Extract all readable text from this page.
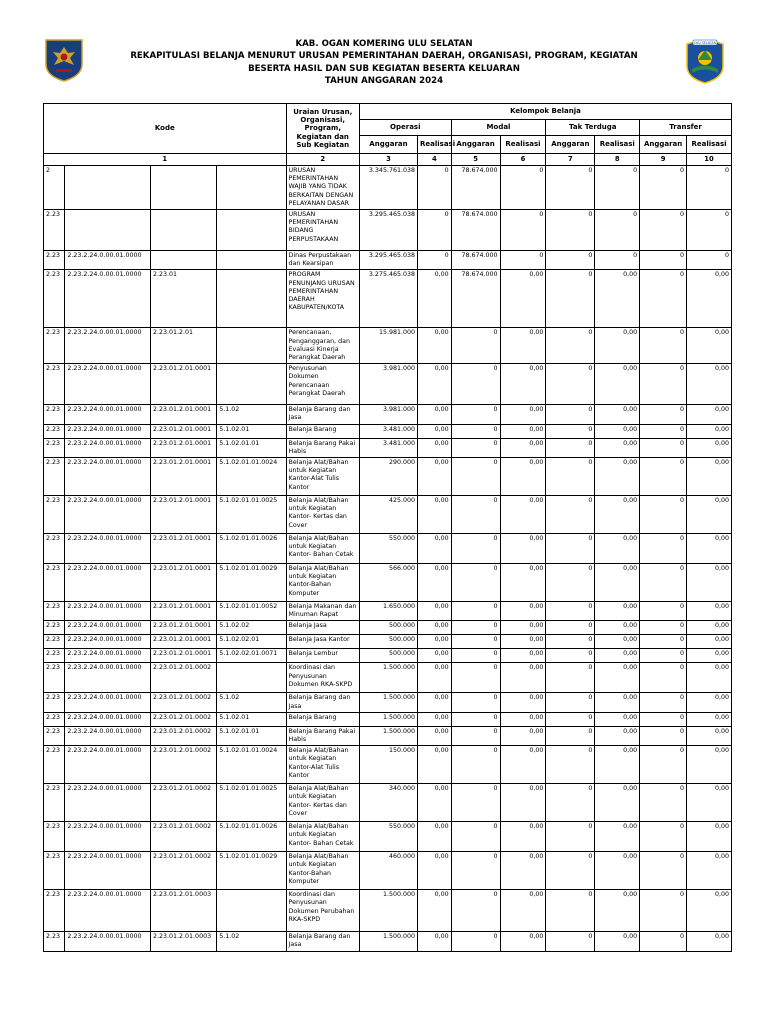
KAB. OGAN KOMERING ULU SELATAN
REKAPITULASI BELANJA MENURUT URUSAN PEMERINTAHAN DAERAH, ORGANISASI, PROGRAM, KEGIATAN
BESERTA HASIL DAN SUB KEGIATAN BESERTA KELUARAN
TAHUN ANGGARAN 2024
OKU SELATAN
Kode				Uraian Urusan, Organisasi, Program, Kegiatan dan Sub Kegiatan	Kelompok Belanja							
					Operasi		Modal		Tak Terduga		Transfer	
					Anggaran	Realisasi	Anggaran	Realisasi	Anggaran	Realisasi	Anggaran	Realisasi
1				2	3	4	5	6	7	8	9	10
2				URUSAN PEMERINTAHAN WAJIB YANG TIDAK BERKAITAN DENGAN PELAYANAN DASAR	3.345.761.038	0	78.674.000	0	0	0	0	0
2.23				URUSAN PEMERINTAHAN BIDANG PERPUSTAKAAN	3.295.465.038	0	78.674.000	0	0	0	0	0
2.23	2.23.2.24.0.00.01.0000			Dinas Perpustakaan dan Kearsipan	3.295.465.038	0	78.674.000	0	0	0	0	0
2.23	2.23.2.24.0.00.01.0000	2.23.01		PROGRAM PENUNJANG URUSAN PEMERINTAHAN DAERAH KABUPATEN/KOTA	3.275.465.038	0,00	78.674.000	0,00	0	0,00	0	0,00
2.23	2.23.2.24.0.00.01.0000	2.23.01.2.01		Perencanaan, Penganggaran, dan Evaluasi Kinerja Perangkat Daerah	15.981.000	0,00	0	0,00	0	0,00	0	0,00
2.23	2.23.2.24.0.00.01.0000	2.23.01.2.01.0001		Penyusunan Dokumen Perencanaan Perangkat Daerah	3.981.000	0,00	0	0,00	0	0,00	0	0,00
2.23	2.23.2.24.0.00.01.0000	2.23.01.2.01.0001	5.1.02	Belanja Barang dan Jasa	3.981.000	0,00	0	0,00	0	0,00	0	0,00
2.23	2.23.2.24.0.00.01.0000	2.23.01.2.01.0001	5.1.02.01	Belanja Barang	3.481.000	0,00	0	0,00	0	0,00	0	0,00
2.23	2.23.2.24.0.00.01.0000	2.23.01.2.01.0001	5.1.02.01.01	Belanja Barang Pakai Habis	3.481.000	0,00	0	0,00	0	0,00	0	0,00
2.23	2.23.2.24.0.00.01.0000	2.23.01.2.01.0001	5.1.02.01.01.0024	Belanja Alat/Bahan untuk Kegiatan Kantor-Alat Tulis Kantor	290.000	0,00	0	0,00	0	0,00	0	0,00
2.23	2.23.2.24.0.00.01.0000	2.23.01.2.01.0001	5.1.02.01.01.0025	Belanja Alat/Bahan untuk Kegiatan Kantor- Kertas dan Cover	425.000	0,00	0	0,00	0	0,00	0	0,00
2.23	2.23.2.24.0.00.01.0000	2.23.01.2.01.0001	5.1.02.01.01.0026	Belanja Alat/Bahan untuk Kegiatan Kantor- Bahan Cetak	550.000	0,00	0	0,00	0	0,00	0	0,00
2.23	2.23.2.24.0.00.01.0000	2.23.01.2.01.0001	5.1.02.01.01.0029	Belanja Alat/Bahan untuk Kegiatan Kantor-Bahan Komputer	566.000	0,00	0	0,00	0	0,00	0	0,00
2.23	2.23.2.24.0.00.01.0000	2.23.01.2.01.0001	5.1.02.01.01.0052	Belanja Makanan dan Minuman Rapat	1.650.000	0,00	0	0,00	0	0,00	0	0,00
2.23	2.23.2.24.0.00.01.0000	2.23.01.2.01.0001	5.1.02.02	Belanja Jasa	500.000	0,00	0	0,00	0	0,00	0	0,00
2.23	2.23.2.24.0.00.01.0000	2.23.01.2.01.0001	5.1.02.02.01	Belanja Jasa Kantor	500.000	0,00	0	0,00	0	0,00	0	0,00
2.23	2.23.2.24.0.00.01.0000	2.23.01.2.01.0001	5.1.02.02.01.0071	Belanja Lembur	500.000	0,00	0	0,00	0	0,00	0	0,00
2.23	2.23.2.24.0.00.01.0000	2.23.01.2.01.0002		Koordinasi dan Penyusunan Dokumen RKA-SKPD	1.500.000	0,00	0	0,00	0	0,00	0	0,00
2.23	2.23.2.24.0.00.01.0000	2.23.01.2.01.0002	5.1.02	Belanja Barang dan Jasa	1.500.000	0,00	0	0,00	0	0,00	0	0,00
2.23	2.23.2.24.0.00.01.0000	2.23.01.2.01.0002	5.1.02.01	Belanja Barang	1.500.000	0,00	0	0,00	0	0,00	0	0,00
2.23	2.23.2.24.0.00.01.0000	2.23.01.2.01.0002	5.1.02.01.01	Belanja Barang Pakai Habis	1.500.000	0,00	0	0,00	0	0,00	0	0,00
2.23	2.23.2.24.0.00.01.0000	2.23.01.2.01.0002	5.1.02.01.01.0024	Belanja Alat/Bahan untuk Kegiatan Kantor-Alat Tulis Kantor	150.000	0,00	0	0,00	0	0,00	0	0,00
2.23	2.23.2.24.0.00.01.0000	2.23.01.2.01.0002	5.1.02.01.01.0025	Belanja Alat/Bahan untuk Kegiatan Kantor- Kertas dan Cover	340.000	0,00	0	0,00	0	0,00	0	0,00
2.23	2.23.2.24.0.00.01.0000	2.23.01.2.01.0002	5.1.02.01.01.0026	Belanja Alat/Bahan untuk Kegiatan Kantor- Bahan Cetak	550.000	0,00	0	0,00	0	0,00	0	0,00
2.23	2.23.2.24.0.00.01.0000	2.23.01.2.01.0002	5.1.02.01.01.0029	Belanja Alat/Bahan untuk Kegiatan Kantor-Bahan Komputer	460.000	0,00	0	0,00	0	0,00	0	0,00
2.23	2.23.2.24.0.00.01.0000	2.23.01.2.01.0003		Koordinasi dan Penyusunan Dokumen Perubahan RKA-SKPD	1.500.000	0,00	0	0,00	0	0,00	0	0,00
2.23	2.23.2.24.0.00.01.0000	2.23.01.2.01.0003	5.1.02	Belanja Barang dan Jasa	1.500.000	0,00	0	0,00	0	0,00	0	0,00
